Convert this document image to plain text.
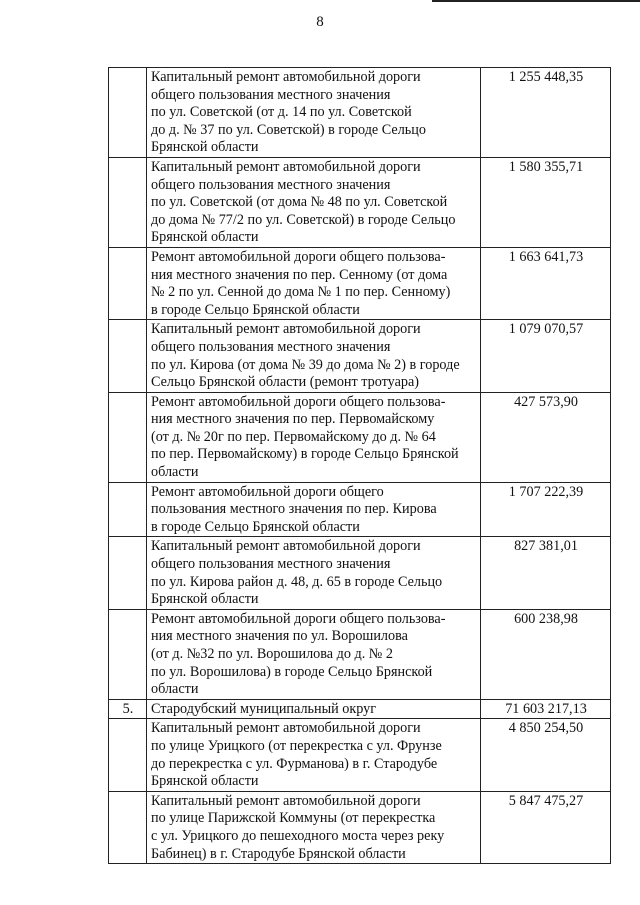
8

	Капитальный ремонт автомобильной дороги
общего пользования местного значения
по ул. Советской (от д. 14 по ул. Советской
до д. № 37 по ул. Советской) в городе Сельцо
Брянской области	1 255 448,35

	Капитальный ремонт автомобильной дороги
общего пользования местного значения
по ул. Советской (от дома № 48 по ул. Советской
до дома № 77/2 по ул. Советской) в городе Сельцо
Брянской области	1 580 355,71

	Ремонт автомобильной дороги общего пользова-
ния местного значения по пер. Сенному (от дома
№ 2 по ул. Сенной до дома № 1 по пер. Сенному)
в городе Сельцо Брянской области	1 663 641,73

	Капитальный ремонт автомобильной дороги
общего пользования местного значения
по ул. Кирова (от дома № 39 до дома № 2) в городе
Сельцо Брянской области (ремонт тротуара)	1 079 070,57

	Ремонт автомобильной дороги общего пользова-
ния местного значения по пер. Первомайскому
(от д. № 20г по пер. Первомайскому до д. № 64
по пер. Первомайскому) в городе Сельцо Брянской
области	427 573,90

	Ремонт автомобильной дороги общего
пользования местного значения по пер. Кирова
в городе Сельцо Брянской области	1 707 222,39

	Капитальный ремонт автомобильной дороги
общего пользования местного значения
по ул. Кирова район д. 48, д. 65 в городе Сельцо
Брянской области	827 381,01

	Ремонт автомобильной дороги общего пользова-
ния местного значения по ул. Ворошилова
(от д. №32 по ул. Ворошилова до д. № 2
по ул. Ворошилова) в городе Сельцо Брянской
области	600 238,98
5.	Стародубский муниципальный округ	71 603 217,13

	Капитальный ремонт автомобильной дороги
по улице Урицкого (от перекрестка с ул. Фрунзе
до перекрестка с ул. Фурманова) в г. Стародубе
Брянской области	4 850 254,50

	Капитальный ремонт автомобильной дороги
по улице Парижской Коммуны (от перекрестка
с ул. Урицкого до пешеходного моста через реку
Бабинец) в г. Стародубе Брянской области	5 847 475,27
